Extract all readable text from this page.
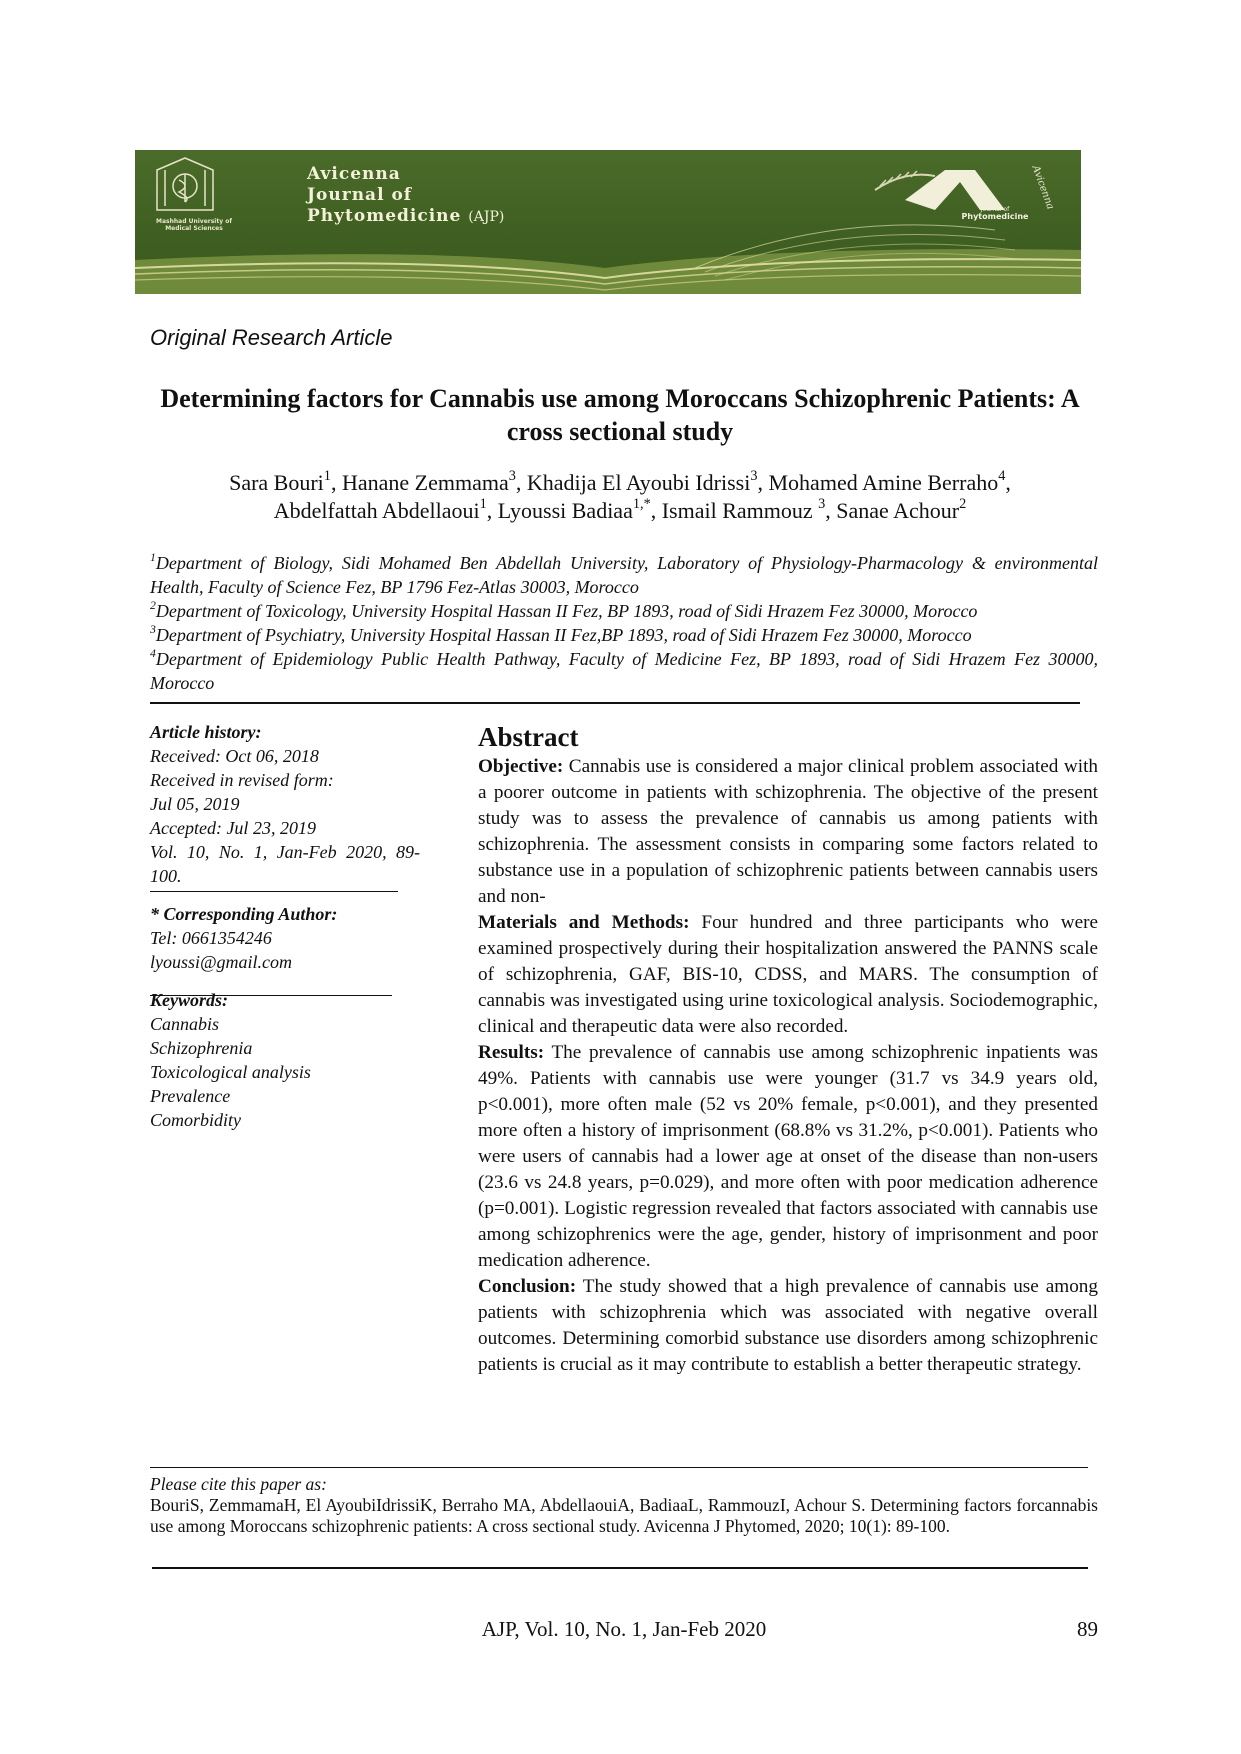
Avicenna
Journal of
Phytomedicine (AJP)
Mashhad University of Medical Sciences
Journal of
Phytomedicine
Avicenna
Original Research Article
Determining factors for Cannabis use among Moroccans Schizophrenic Patients: A cross sectional study
Sara Bouri$^1$, Hanane Zemmama$^3$, Khadija El Ayoubi Idrissi$^3$, Mohamed Amine Berraho$^4$,
Abdelfattah Abdellaoui$^1$, Lyoussi Badiaa$^{1,*}$, Ismail Rammouz $^3$, Sanae Achour$^2$

$^1$Department of Biology, Sidi Mohamed Ben Abdellah University, Laboratory of Physiology-Pharmacology & environmental Health, Faculty of Science Fez, BP 1796 Fez-Atlas 30003, Morocco

$^2$Department of Toxicology, University Hospital Hassan II Fez, BP 1893, road of Sidi Hrazem Fez 30000, Morocco

$^3$Department of Psychiatry, University Hospital Hassan II Fez,BP 1893, road of Sidi Hrazem Fez 30000, Morocco

$^4$Department of Epidemiology Public Health Pathway, Faculty of Medicine Fez, BP 1893, road of Sidi Hrazem Fez 30000, Morocco

Article history:

Received: Oct 06, 2018

Received in revised form:

Jul 05, 2019

Accepted: Jul 23, 2019

Vol. 10, No. 1, Jan-Feb 2020, 89-100.

* Corresponding Author:

Tel: 0661354246

lyoussi@gmail.com

Keywords:

Cannabis

Schizophrenia

Toxicological analysis

Prevalence

Comorbidity

Abstract

Objective: Cannabis use is considered a major clinical problem associated with a poorer outcome in patients with schizophrenia. The objective of the present study was to assess the prevalence of cannabis us among patients with schizophrenia. The assessment consists in comparing some factors related to substance use in a population of schizophrenic patients between cannabis users and non-

Materials and Methods: Four hundred and three participants who were examined prospectively during their hospitalization answered the PANNS scale of schizophrenia, GAF, BIS-10, CDSS, and MARS. The consumption of cannabis was investigated using urine toxicological analysis. Sociodemographic, clinical and therapeutic data were also recorded.

Results: The prevalence of cannabis use among schizophrenic inpatients was 49%. Patients with cannabis use were younger (31.7 vs 34.9 years old, p<0.001), more often male (52 vs 20% female, p<0.001), and they presented more often a history of imprisonment (68.8% vs 31.2%, p<0.001). Patients who were users of cannabis had a lower age at onset of the disease than non-users (23.6 vs 24.8 years, p=0.029), and more often with poor medication adherence (p=0.001). Logistic regression revealed that factors associated with cannabis use among schizophrenics were the age, gender, history of imprisonment and poor medication adherence.

Conclusion: The study showed that a high prevalence of cannabis use among patients with schizophrenia which was associated with negative overall outcomes. Determining comorbid substance use disorders among schizophrenic patients is crucial as it may contribute to establish a better therapeutic strategy.

Please cite this paper as:

BouriS, ZemmamaH, El AyoubiIdrissiK, Berraho MA, AbdellaouiA, BadiaaL, RammouzI, Achour S. Determining factors forcannabis use among Moroccans schizophrenic patients: A cross sectional study. Avicenna J Phytomed, 2020; 10(1): 89-100.

AJP, Vol. 10, No. 1, Jan-Feb 2020	89
